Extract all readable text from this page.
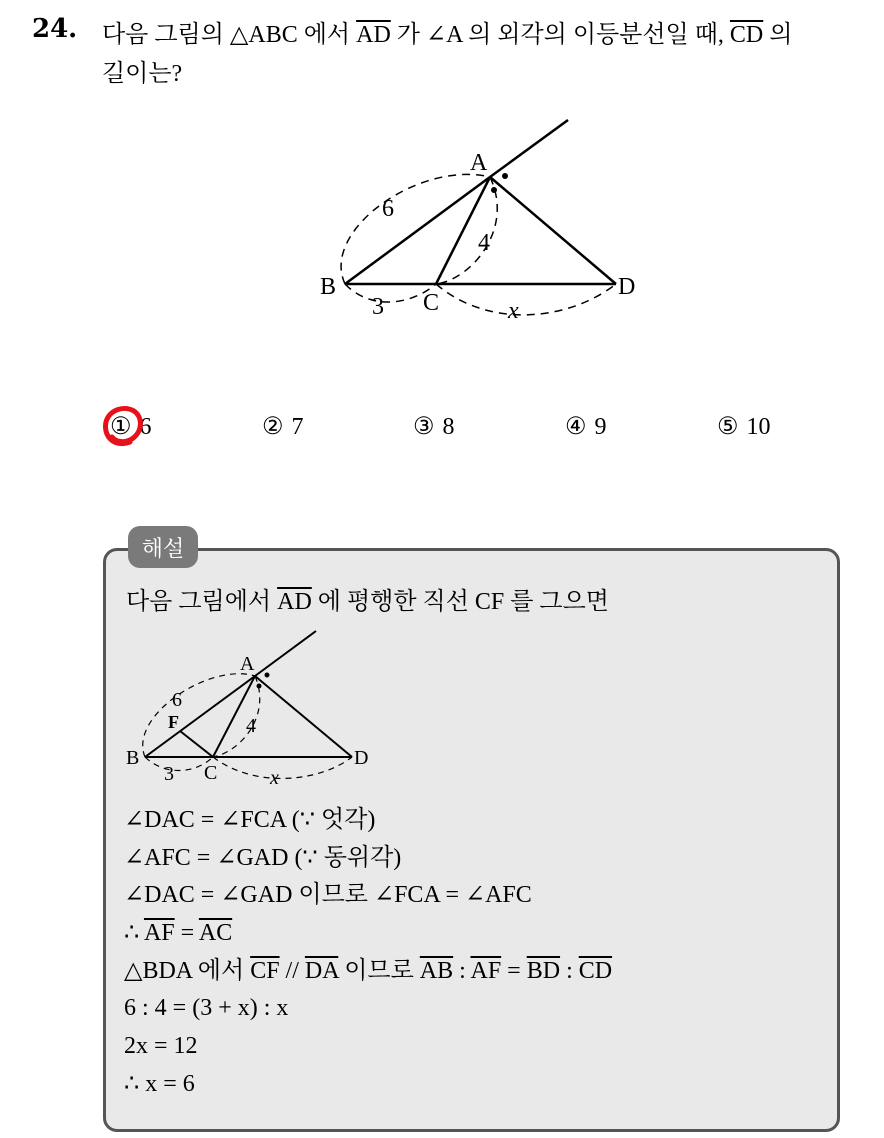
24. 다음 그림의 △ABC 에서 $\overline{AD}$ 가 ∠A 의 외각의 이등분선일 때, $\overline{CD}$ 의
길이는?
A
B
C
D
6
4
3	x
① 6	② 7	③ 8	④ 9	⑤ 10
해설
다음 그림에서 $\overline{AD}$ 에 평행한 직선 CF 를 그으면
A
B
C
D
F
6
4
3	x
∠DAC = ∠FCA (∵ 엇각)
∠AFC = ∠GAD (∵ 동위각)
∠DAC = ∠GAD 이므로 ∠FCA = ∠AFC
∴ $\overline{AF} = \overline{AC}$
△BDA 에서 $\overline{CF} // \overline{DA}$ 이므로 $\overline{AB}$ : $\overline{AF} = \overline{BD}$ : $\overline{CD}$
6 : 4 = (3 + x) : x
2x = 12
∴ x = 6
